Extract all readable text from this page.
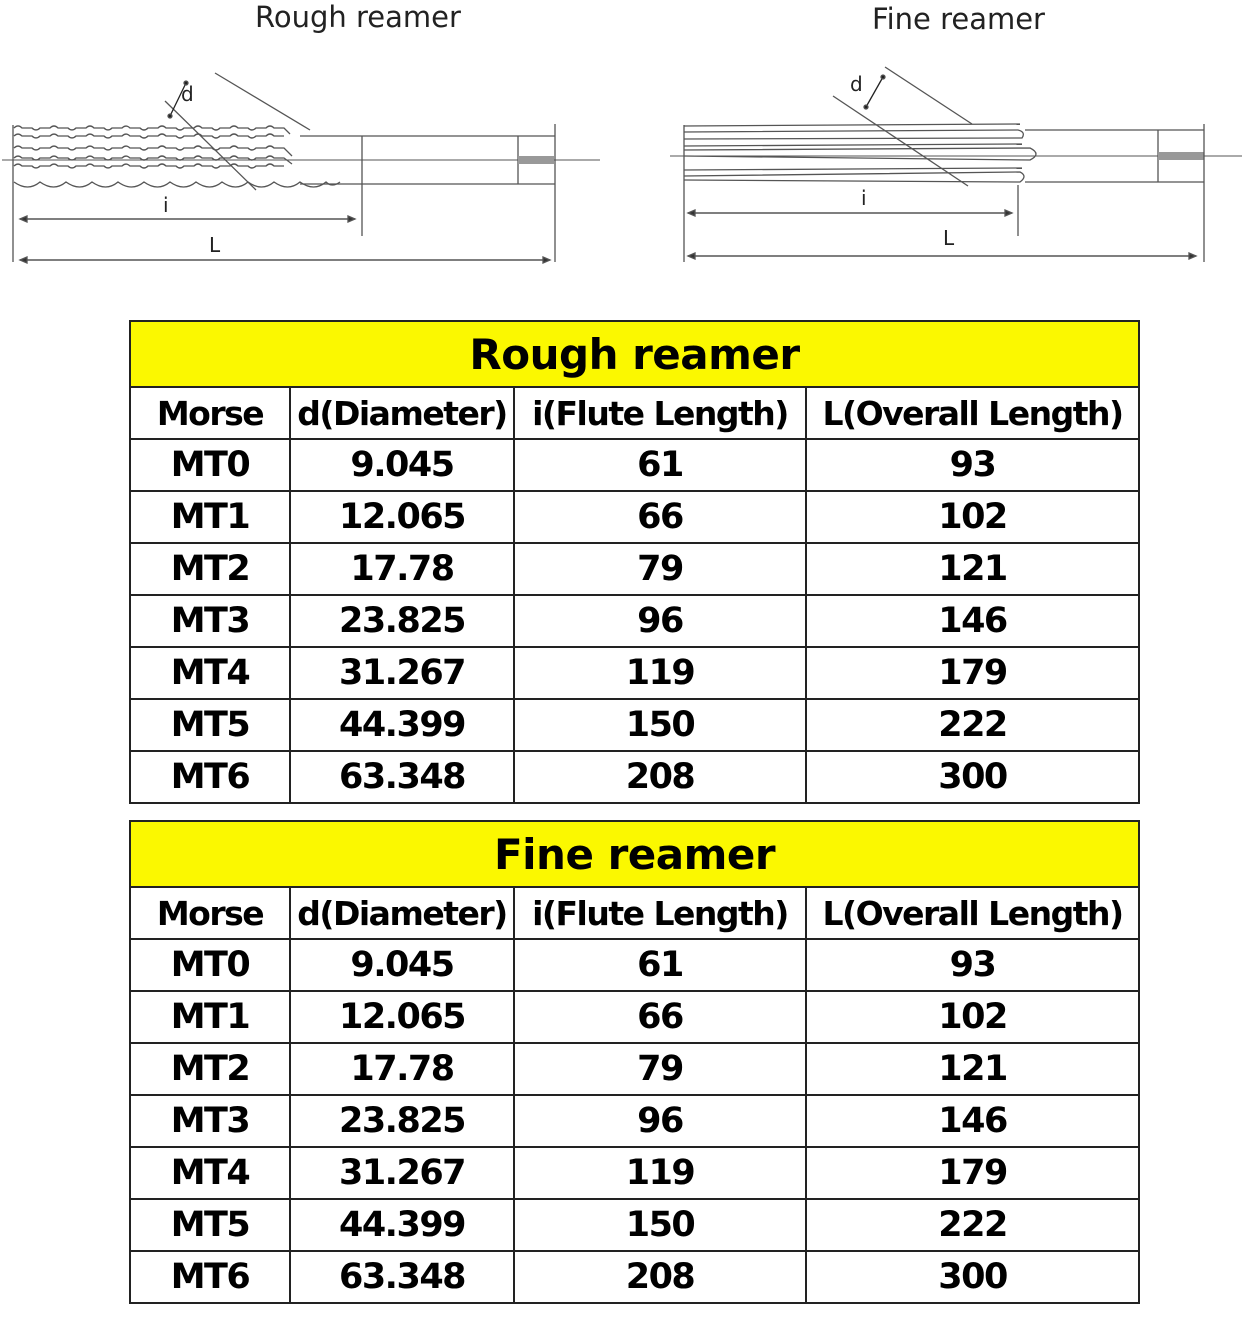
Rough reamer
d
i
L
Fine reamer
d
i
L
Rough reamer			
Morse	d(Diameter)	i(Flute Length)	L(Overall Length)
MT0	9.045	61	93
MT1	12.065	66	102
MT2	17.78	79	121
MT3	23.825	96	146
MT4	31.267	119	179
MT5	44.399	150	222
MT6	63.348	208	300
Fine reamer			
Morse	d(Diameter)	i(Flute Length)	L(Overall Length)
MT0	9.045	61	93
MT1	12.065	66	102
MT2	17.78	79	121
MT3	23.825	96	146
MT4	31.267	119	179
MT5	44.399	150	222
MT6	63.348	208	300
